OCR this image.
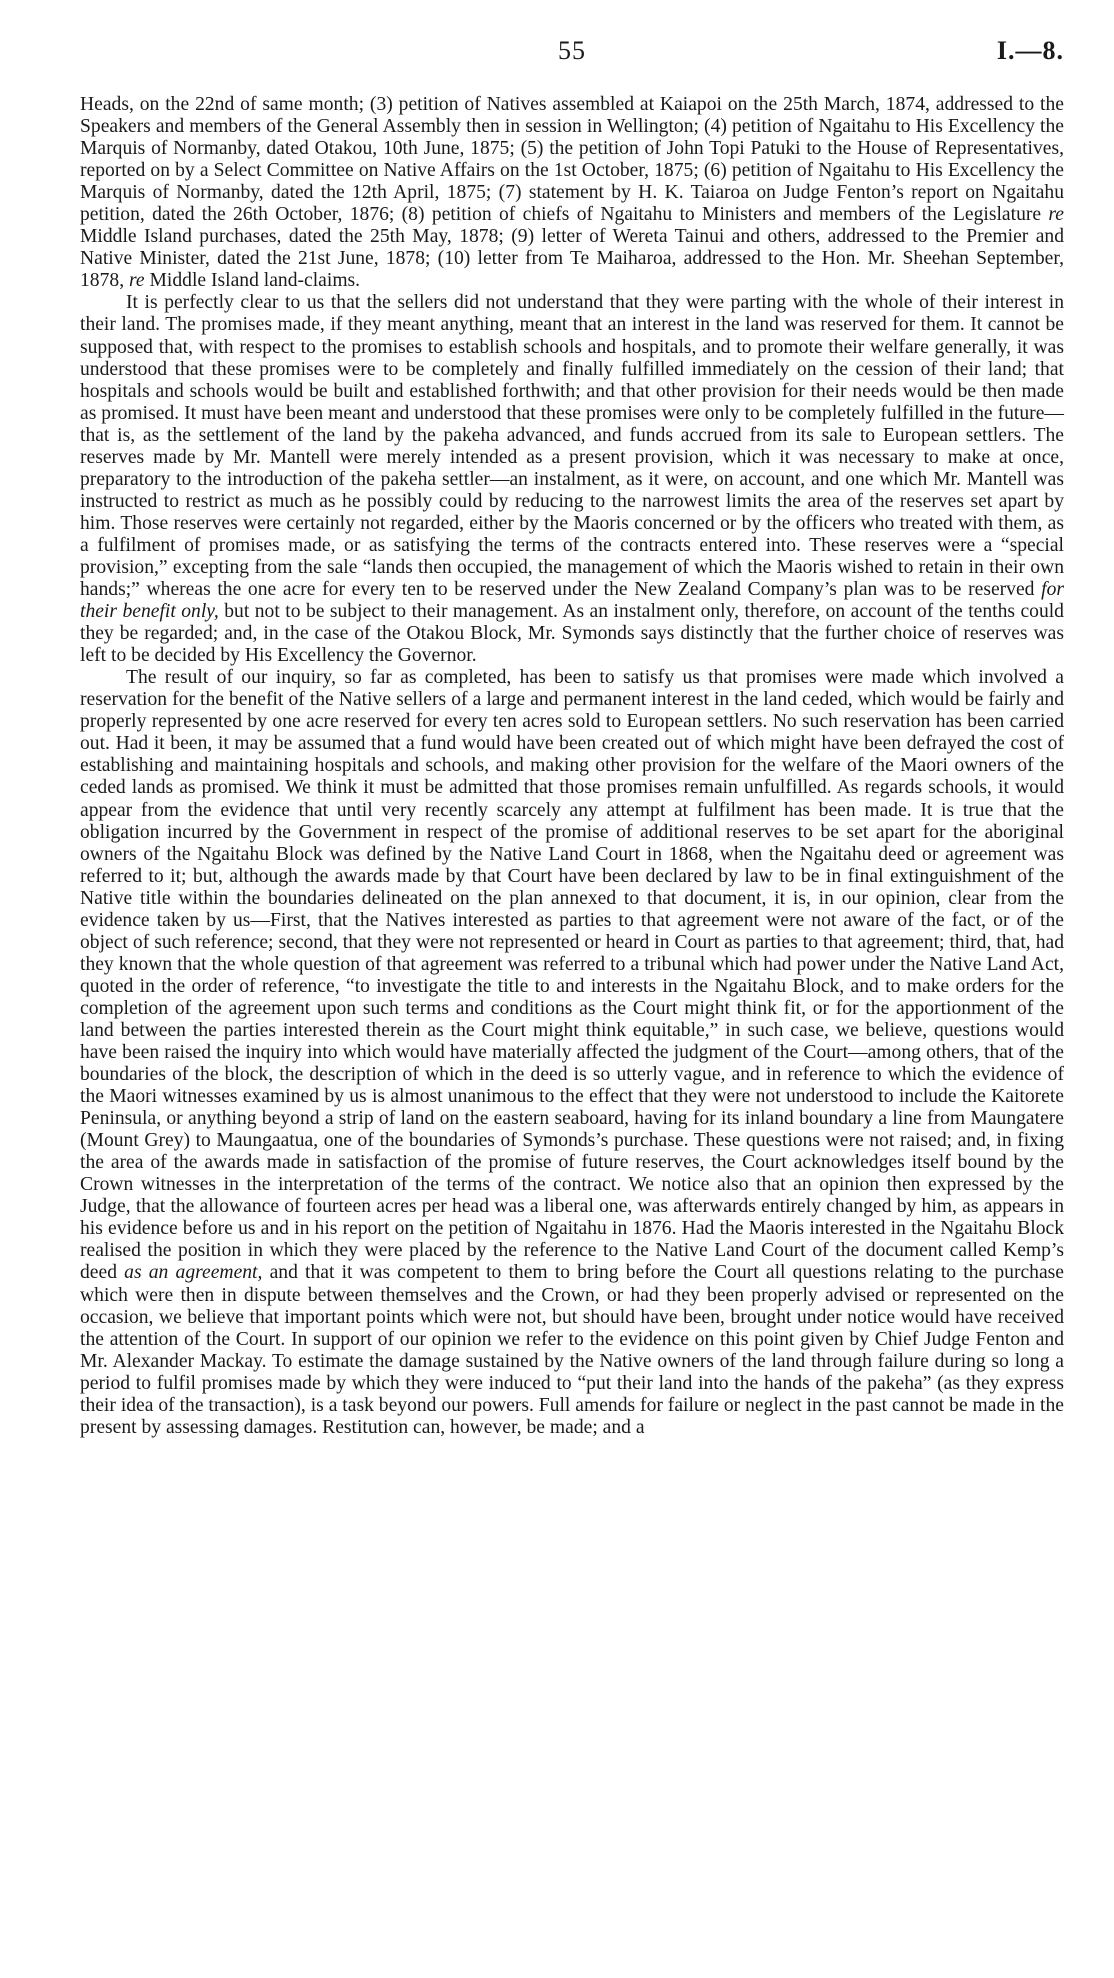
55	I.—8.

Heads, on the 22nd of same month; (3) petition of Natives assembled at Kaiapoi on the 25th March, 1874, addressed to the Speakers and members of the General Assembly then in session in Wellington; (4) petition of Ngaitahu to His Excellency the Marquis of Normanby, dated Otakou, 10th June, 1875; (5) the petition of John Topi Patuki to the House of Representatives, reported on by a Select Committee on Native Affairs on the 1st October, 1875; (6) petition of Ngaitahu to His Excellency the Marquis of Normanby, dated the 12th April, 1875; (7) statement by H. K. Taiaroa on Judge Fenton’s report on Ngaitahu petition, dated the 26th October, 1876; (8) petition of chiefs of Ngaitahu to Ministers and members of the Legislature re Middle Island purchases, dated the 25th May, 1878; (9) letter of Wereta Tainui and others, addressed to the Premier and Native Minister, dated the 21st June, 1878; (10) letter from Te Maiharoa, addressed to the Hon. Mr. Sheehan September, 1878, re Middle Island land-claims.

It is perfectly clear to us that the sellers did not understand that they were parting with the whole of their interest in their land. The promises made, if they meant anything, meant that an interest in the land was reserved for them. It cannot be supposed that, with respect to the promises to establish schools and hospitals, and to promote their welfare generally, it was understood that these promises were to be completely and finally fulfilled immediately on the cession of their land; that hospitals and schools would be built and established forthwith; and that other provision for their needs would be then made as promised. It must have been meant and understood that these promises were only to be completely fulfilled in the future—that is, as the settlement of the land by the pakeha advanced, and funds accrued from its sale to European settlers. The reserves made by Mr. Mantell were merely intended as a present provision, which it was necessary to make at once, preparatory to the introduction of the pakeha settler—an instalment, as it were, on account, and one which Mr. Mantell was instructed to restrict as much as he possibly could by reducing to the narrowest limits the area of the reserves set apart by him. Those reserves were certainly not regarded, either by the Maoris concerned or by the officers who treated with them, as a fulfilment of promises made, or as satisfying the terms of the contracts entered into. These reserves were a “special provision,” excepting from the sale “lands then occupied, the management of which the Maoris wished to retain in their own hands;” whereas the one acre for every ten to be reserved under the New Zealand Company’s plan was to be reserved for their benefit only, but not to be subject to their management. As an instalment only, therefore, on account of the tenths could they be regarded; and, in the case of the Otakou Block, Mr. Symonds says distinctly that the further choice of reserves was left to be decided by His Excellency the Governor.

The result of our inquiry, so far as completed, has been to satisfy us that promises were made which involved a reservation for the benefit of the Native sellers of a large and permanent interest in the land ceded, which would be fairly and properly represented by one acre reserved for every ten acres sold to European settlers. No such reservation has been carried out. Had it been, it may be assumed that a fund would have been created out of which might have been defrayed the cost of establishing and maintaining hospitals and schools, and making other provision for the welfare of the Maori owners of the ceded lands as promised. We think it must be admitted that those promises remain unfulfilled. As regards schools, it would appear from the evidence that until very recently scarcely any attempt at fulfilment has been made. It is true that the obligation incurred by the Government in respect of the promise of additional reserves to be set apart for the aboriginal owners of the Ngaitahu Block was defined by the Native Land Court in 1868, when the Ngaitahu deed or agreement was referred to it; but, although the awards made by that Court have been declared by law to be in final extinguishment of the Native title within the boundaries delineated on the plan annexed to that document, it is, in our opinion, clear from the evidence taken by us—First, that the Natives interested as parties to that agreement were not aware of the fact, or of the object of such reference; second, that they were not represented or heard in Court as parties to that agreement; third, that, had they known that the whole question of that agreement was referred to a tribunal which had power under the Native Land Act, quoted in the order of reference, “to investigate the title to and interests in the Ngaitahu Block, and to make orders for the completion of the agreement upon such terms and conditions as the Court might think fit, or for the apportionment of the land between the parties interested therein as the Court might think equitable,” in such case, we believe, questions would have been raised the inquiry into which would have materially affected the judgment of the Court—among others, that of the boundaries of the block, the description of which in the deed is so utterly vague, and in reference to which the evidence of the Maori witnesses examined by us is almost unanimous to the effect that they were not understood to include the Kaitorete Peninsula, or anything beyond a strip of land on the eastern seaboard, having for its inland boundary a line from Maungatere (Mount Grey) to Maungaatua, one of the boundaries of Symonds’s purchase. These questions were not raised; and, in fixing the area of the awards made in satisfaction of the promise of future reserves, the Court acknowledges itself bound by the Crown witnesses in the interpretation of the terms of the contract. We notice also that an opinion then expressed by the Judge, that the allowance of fourteen acres per head was a liberal one, was afterwards entirely changed by him, as appears in his evidence before us and in his report on the petition of Ngaitahu in 1876. Had the Maoris interested in the Ngaitahu Block realised the position in which they were placed by the reference to the Native Land Court of the document called Kemp’s deed as an agreement, and that it was competent to them to bring before the Court all questions relating to the purchase which were then in dispute between themselves and the Crown, or had they been properly advised or represented on the occasion, we believe that important points which were not, but should have been, brought under notice would have received the attention of the Court. In support of our opinion we refer to the evidence on this point given by Chief Judge Fenton and Mr. Alexander Mackay. To estimate the damage sustained by the Native owners of the land through failure during so long a period to fulfil promises made by which they were induced to “put their land into the hands of the pakeha” (as they express their idea of the transaction), is a task beyond our powers. Full amends for failure or neglect in the past cannot be made in the present by assessing damages. Restitution can, however, be made; and a
